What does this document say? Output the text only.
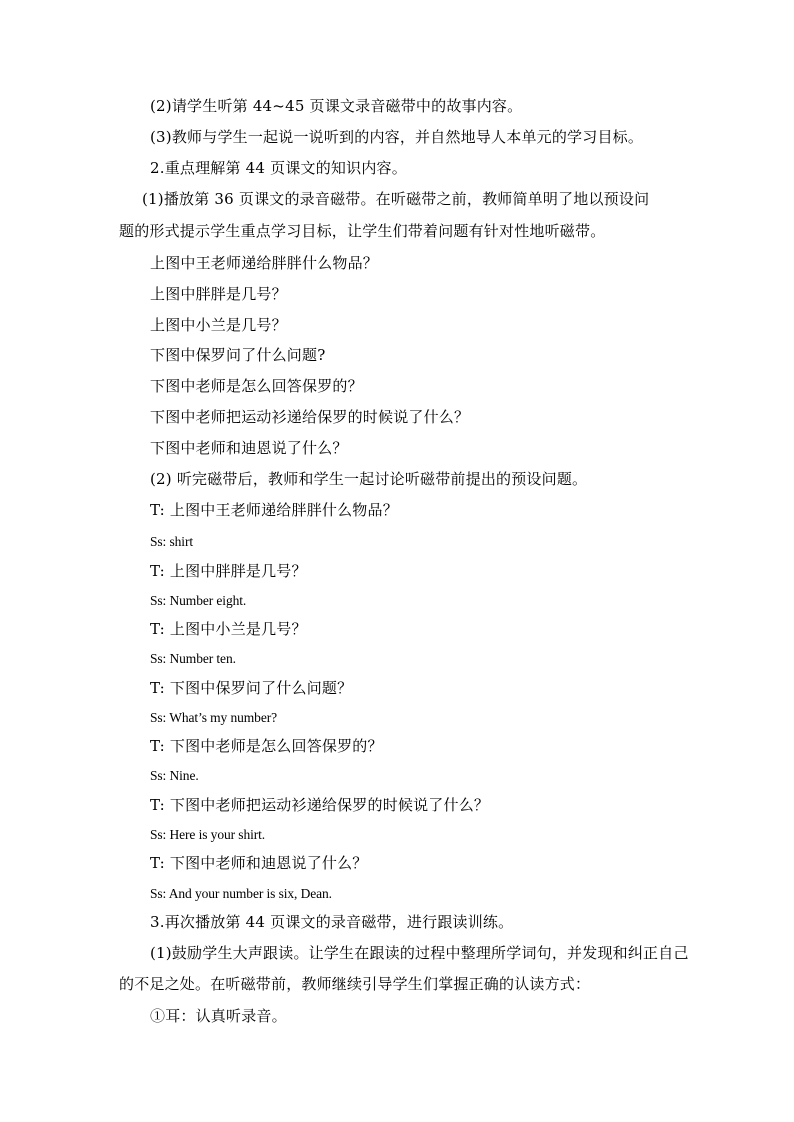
(2)请学生听第 44~45 页课文录音磁带中的故事内容。
(3)教师与学生一起说一说听到的内容，并自然地导人本单元的学习目标。
2.重点理解第 44 页课文的知识内容。
(1)播放第 36 页课文的录音磁带。在听磁带之前，教师简单明了地以预设问
题的形式提示学生重点学习目标，让学生们带着问题有针对性地听磁带。
上图中王老师递给胖胖什么物品？
上图中胖胖是几号？
上图中小兰是几号？
下图中保罗问了什么问题?
下图中老师是怎么回答保罗的？
下图中老师把运动衫递给保罗的时候说了什么？
下图中老师和迪恩说了什么？
(2) 听完磁带后，教师和学生一起讨论听磁带前提出的预设问题。
T: 上图中王老师递给胖胖什么物品？
Ss: shirt
T: 上图中胖胖是几号？
Ss: Number eight.
T: 上图中小兰是几号？
Ss: Number ten.
T: 下图中保罗问了什么问题？
Ss: What’s my number?
T: 下图中老师是怎么回答保罗的？
Ss: Nine.
T: 下图中老师把运动衫递给保罗的时候说了什么？
Ss: Here is your shirt.
T: 下图中老师和迪恩说了什么？
Ss: And your number is six, Dean.
3.再次播放第 44 页课文的录音磁带，进行跟读训练。
(1)鼓励学生大声跟读。让学生在跟读的过程中整理所学词句，并发现和纠正自己
的不足之处。在听磁带前，教师继续引导学生们掌握正确的认读方式：
①耳：认真听录音。
